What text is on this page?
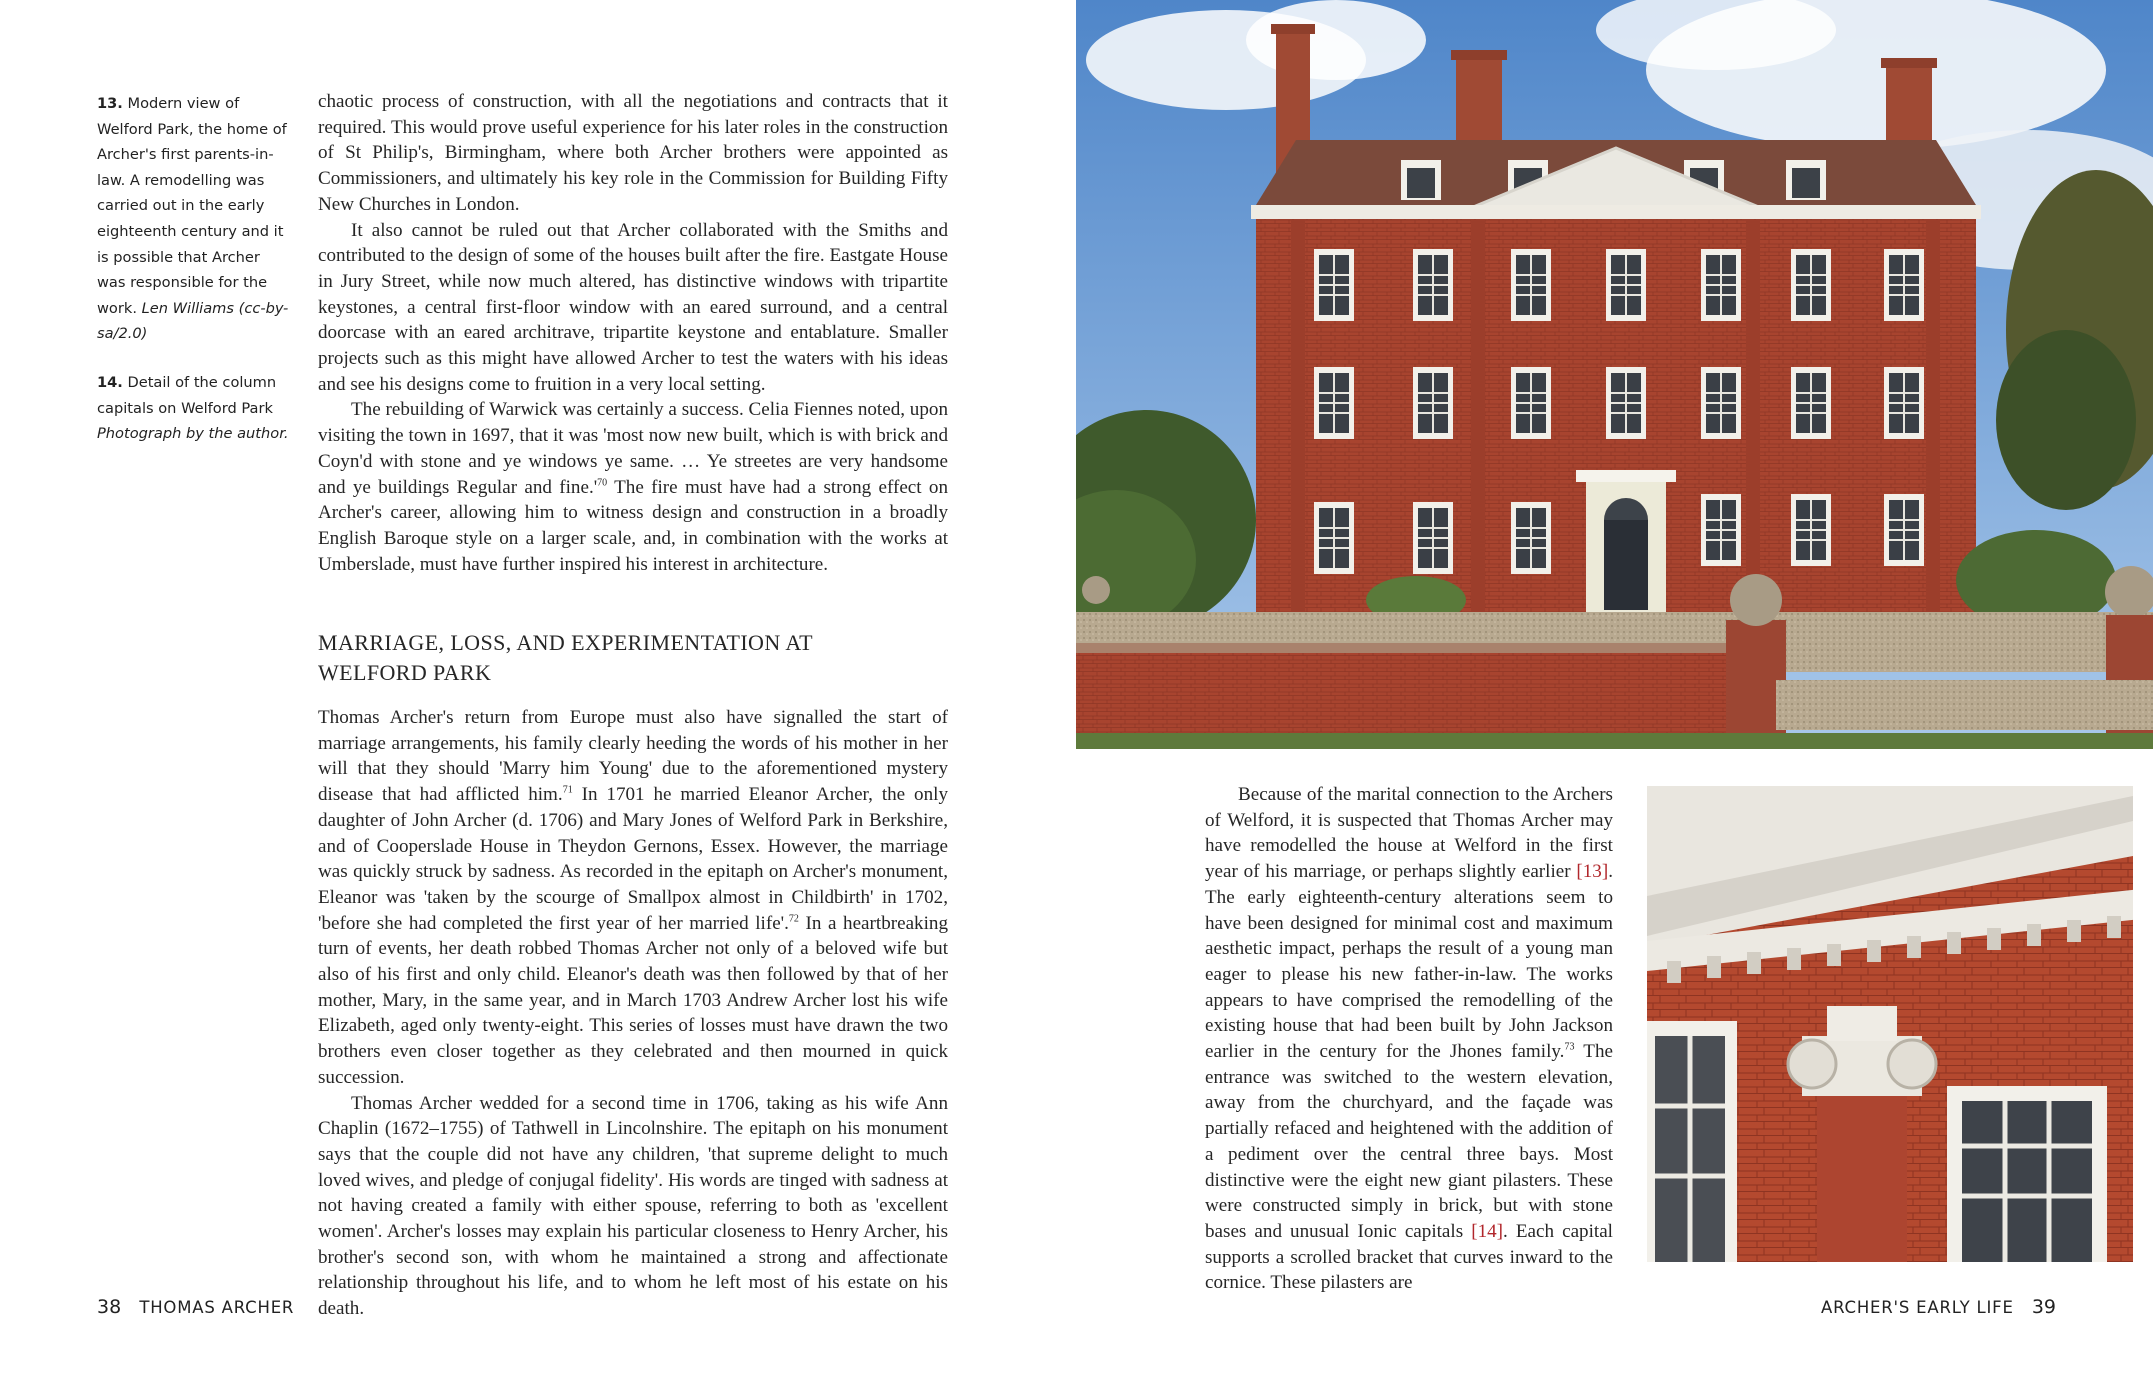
13. Modern view of Welford Park, the home of Archer's first parents-in-law. A remodelling was carried out in the early eighteenth century and it is possible that Archer was responsible for the work. Len Williams (cc-by-sa/2.0)

14. Detail of the column capitals on Welford Park Photograph by the author.

chaotic process of construction, with all the negotiations and contracts that it required. This would prove useful experience for his later roles in the construction of St Philip's, Birmingham, where both Archer brothers were appointed as Commissioners, and ultimately his key role in the Commission for Building Fifty New Churches in London.

It also cannot be ruled out that Archer collaborated with the Smiths and contributed to the design of some of the houses built after the fire. Eastgate House in Jury Street, while now much altered, has distinctive windows with tripartite keystones, a central first-floor window with an eared surround, and a central doorcase with an eared architrave, tripartite keystone and entablature. Smaller projects such as this might have allowed Archer to test the waters with his ideas and see his designs come to fruition in a very local setting.

The rebuilding of Warwick was certainly a success. Celia Fiennes noted, upon visiting the town in 1697, that it was 'most now new built, which is with brick and Coyn'd with stone and ye windows ye same. … Ye streetes are very handsome and ye buildings Regular and $fine.'^{70}$ The fire must have had a strong effect on Archer's career, allowing him to witness design and construction in a broadly English Baroque style on a larger scale, and, in combination with the works at Umberslade, must have further inspired his interest in architecture.

MARRIAGE, LOSS, AND EXPERIMENTATION AT
WELFORD PARK

Thomas Archer's return from Europe must also have signalled the start of marriage arrangements, his family clearly heeding the words of his mother in her will that they should 'Marry him Young' due to the aforementioned mystery disease that had afflicted him.$^{71}$ In 1701 he married Eleanor Archer, the only daughter of John Archer (d. 1706) and Mary Jones of Welford Park in Berkshire, and of Cooperslade House in Theydon Gernons, Essex. However, the marriage was quickly struck by sadness. As recorded in the epitaph on Archer's monument, Eleanor was 'taken by the scourge of Smallpox almost in Childbirth' in 1702, 'before she had completed the first year of her married life'.$^{72}$ In a heartbreaking turn of events, her death robbed Thomas Archer not only of a beloved wife but also of his first and only child. Eleanor's death was then followed by that of her mother, Mary, in the same year, and in March 1703 Andrew Archer lost his wife Elizabeth, aged only twenty-eight. This series of losses must have drawn the two brothers even closer together as they celebrated and then mourned in quick succession.

Thomas Archer wedded for a second time in 1706, taking as his wife Ann Chaplin (1672–1755) of Tathwell in Lincolnshire. The epitaph on his monument says that the couple did not have any children, 'that supreme delight to much loved wives, and pledge of conjugal fidelity'. His words are tinged with sadness at not having created a family with either spouse, referring to both as 'excellent women'. Archer's losses may explain his particular closeness to Henry Archer, his brother's second son, with whom he maintained a strong and affectionate relationship throughout his life, and to whom he left most of his estate on his death.

38 THOMAS ARCHER

Because of the marital connection to the Archers of Welford, it is suspected that Thomas Archer may have remodelled the house at Welford in the first year of his marriage, or perhaps slightly earlier [13]. The early eighteenth-century alterations seem to have been designed for minimal cost and maximum aesthetic impact, perhaps the result of a young man eager to please his new father-in-law. The works appears to have comprised the remodelling of the existing house that had been built by John Jackson earlier in the century for the Jhones family.$^{73}$ The entrance was switched to the western elevation, away from the churchyard, and the façade was partially refaced and heightened with the addition of a pediment over the central three bays. Most distinctive were the eight new giant pilasters. These were constructed simply in brick, but with stone bases and unusual Ionic capitals [14]. Each capital supports a scrolled bracket that curves inward to the cornice. These pilasters are

ARCHER'S EARLY LIFE 39
